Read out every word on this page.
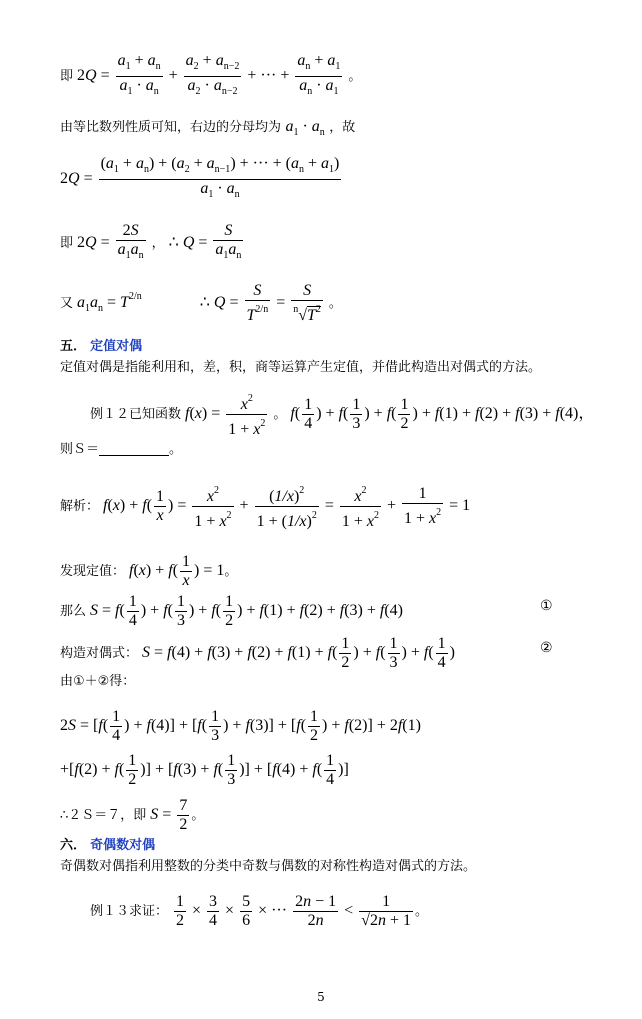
即 $2Q = \frac{a_1 + a_n}{a_1 \cdot a_n} + \frac{a_2 + a_{n-2}}{a_2 \cdot a_{n-2}}$ + ··· + $\frac{a_n + a_1}{a_n \cdot a_1}$ 。
由等比数列性质可知，右边的分母均为 $a_1 \cdot a_n$ ，故
$2Q = \frac{(a_1 + a_n) + (a_2 + a_{n-1}) + \cdot\cdot\cdot + (a_n + a_1)}{a_1 \cdot a_n}$
即 $2Q = \frac{2S}{a_1a_n}$ ， ∴ $Q = \frac{S}{a_1a_n}$
又 $a_1a_n = T^{2/n}$	∴ $Q = \frac{S}{T^{2/n}} = \frac{S}{^n√T^2}$ 。
五． 定值对偶
定值对偶是指能利用和，差，积，商等运算产生定值，并借此构造出对偶式的方法。
例１２已知函数 $f(x) = \frac{x^2}{1 + x^2}$ 。 $f( \frac{1}{4}$ ) + $f( \frac{1}{3}$ ) + $f( \frac{1}{2}$ ) + f(1) + f(2) + f(3) + f(4)，
则Ｓ＝	。
解析： $f(x) + f( \frac{1}{x}$ ) = $\frac{x^2}{1 + x^2} + \frac{(1/x)^2}{1 + (1/x)^2} = \frac{x^2}{1 + x^2} + \frac{1}{1 + x^2} = 1$
发现定值： $f(x) + f( \frac{1}{x}$ ) = 1。
那么 $S = f( \frac{1}{4}$ ) + $f( \frac{1}{3}$ ) + $f( \frac{1}{2}$ ) + f(1) + f(2) + f(3) + f(4)	①
构造对偶式： $S = f(4) + f(3) + f(2) + f(1) + f( \frac{1}{2}$ ) + $f( \frac{1}{3}$ ) + $f( \frac{1}{4}$ )	②
由①＋②得：
$2S = [f( \frac{1}{4}$ ) + $f(4)] + [f( \frac{1}{3}$ ) + $f(3)] + [f( \frac{1}{2}$ ) + f(2)] + 2f(1)
$+[f(2) + f( \frac{1}{2}$ )] + [$f(3) + f( \frac{1}{3}$ )] + [$f(4) + f( \frac{1}{4}$ )]
∴２Ｓ＝７，即 $S = \frac{7}{2}$ 。
六． 奇偶数对偶
奇偶数对偶指利用整数的分类中奇数与偶数的对称性构造对偶式的方法。
例１３求证： $\frac{1}{2} \times \frac{3}{4} \times \frac{5}{6}$ × ··· $\frac{2n - 1}{2n} < \frac{1}{√2n + 1}$ 。
5
